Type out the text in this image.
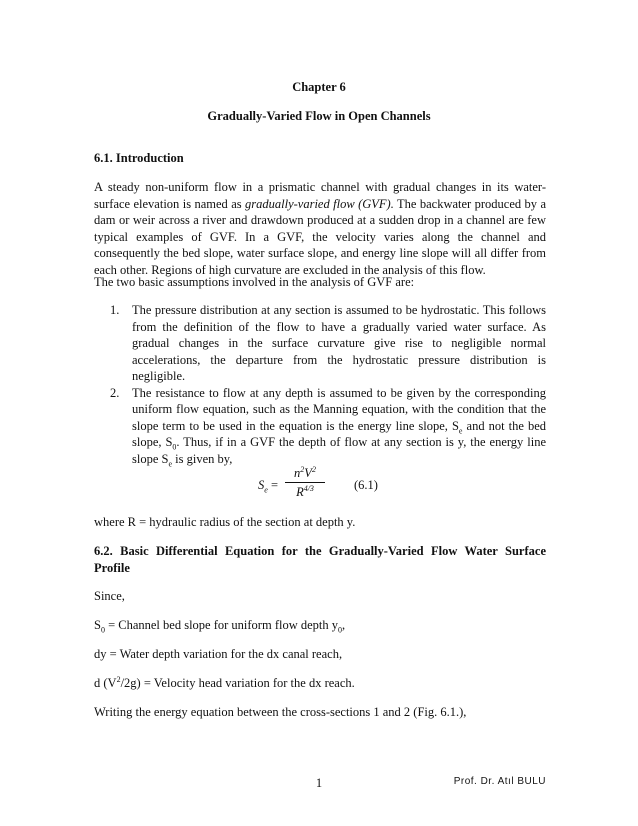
Chapter 6
Gradually-Varied Flow in Open Channels
6.1. Introduction
A steady non-uniform flow in a prismatic channel with gradual changes in its water-
surface elevation is named as gradually-varied flow (GVF). The backwater produced by a
dam or weir across a river and drawdown produced at a sudden drop in a channel are few
typical examples of GVF. In a GVF, the velocity varies along the channel and
consequently the bed slope, water surface slope, and energy line slope will all differ from
each other. Regions of high curvature are excluded in the analysis of this flow.
The two basic assumptions involved in the analysis of GVF are:
1. The pressure distribution at any section is assumed to be hydrostatic. This follows
from the definition of the flow to have a gradually varied water surface. As
gradual changes in the surface curvature give rise to negligible normal
accelerations, the departure from the hydrostatic pressure distribution is
negligible.
2. The resistance to flow at any depth is assumed to be given by the corresponding
uniform flow equation, such as the Manning equation, with the condition that the
slope term to be used in the equation is the energy line slope, $S_e$ and not the bed
slope, $S_0$. Thus, if in a GVF the depth of flow at any section is y, the energy line
slope $S_e$ is given by,
$S_e = \frac{n^2V^2}{R^{4/3}} (6.1)$
where R = hydraulic radius of the section at depth y.
6.2. Basic Differential Equation for the Gradually-Varied Flow Water Surface
Profile
Since,
$S_0$ = Channel bed slope for uniform flow depth $y_0$,
dy = Water depth variation for the dx canal reach,
d $(V^2/2g)$ = Velocity head variation for the dx reach.
Writing the energy equation between the cross-sections 1 and 2 (Fig. 6.1.),
1	Prof. Dr. Atıl BULU
